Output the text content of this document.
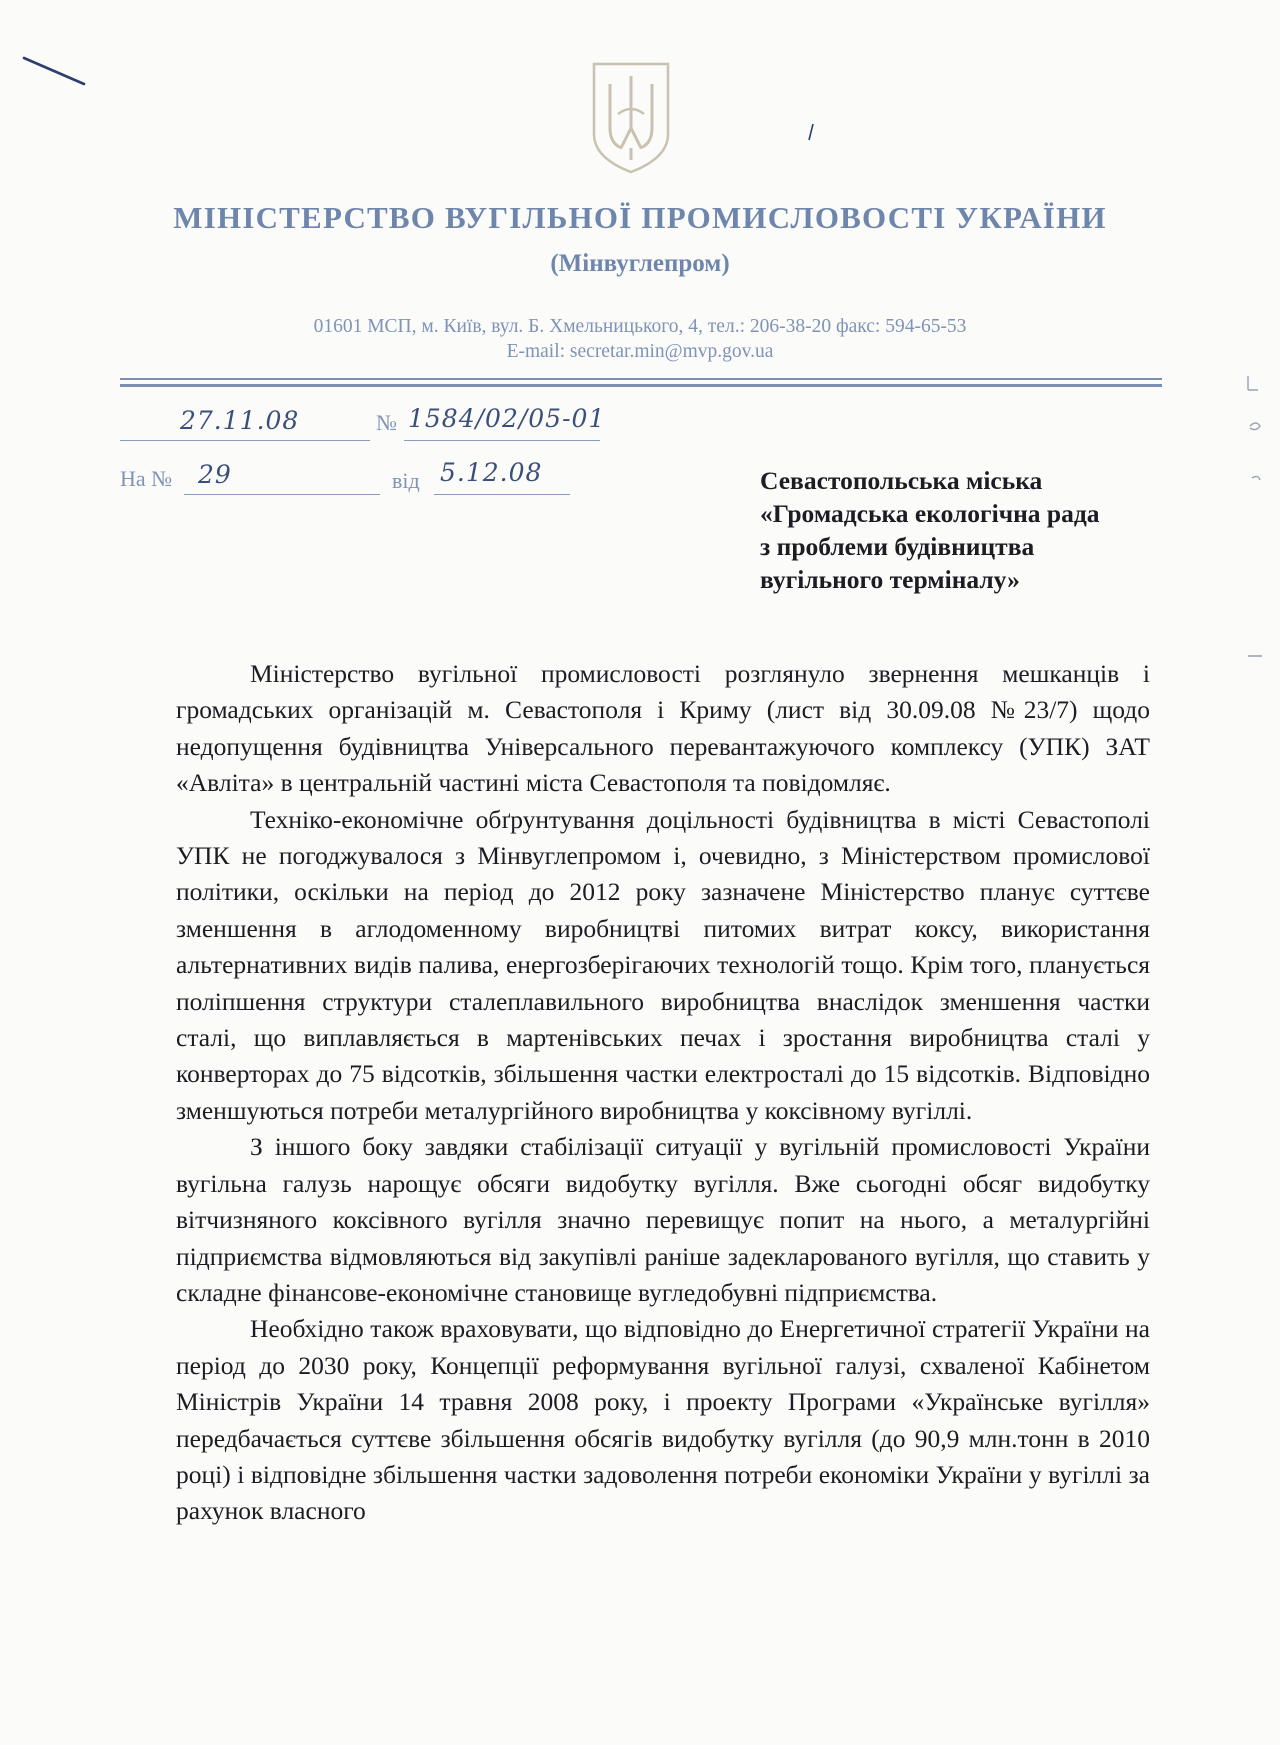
МІНІСТЕРСТВО ВУГІЛЬНОЇ ПРОМИСЛОВОСТІ УКРАЇНИ
(Мінвуглепром)
01601 МСП, м. Київ, вул. Б. Хмельницького, 4, тел.: 206-38-20 факс: 594-65-53
E-mail: secretar.min@mvp.gov.ua
27.11.08	№ 1584/02/05-01
На № 29	від 5.12.08	Севастопольська міська
«Громадська екологічна рада
з проблеми будівництва
вугільного терміналу»

Міністерство вугільної промисловості розглянуло звернення мешканців і громадських організацій м. Севастополя і Криму (лист від 30.09.08 №23/7) щодо недопущення будівництва Універсального перевантажуючого комплексу (УПК) ЗАТ «Авліта» в центральній частині міста Севастополя та повідомляє.

Техніко-економічне обґрунтування доцільності будівництва в місті Севастополі УПК не погоджувалося з Мінвуглепромом і, очевидно, з Міністерством промислової політики, оскільки на період до 2012 року зазначене Міністерство планує суттєве зменшення в аглодоменному виробництві питомих витрат коксу, використання альтернативних видів палива, енергозберігаючих технологій тощо. Крім того, планується поліпшення структури сталеплавильного виробництва внаслідок зменшення частки сталі, що виплавляється в мартенівських печах і зростання виробництва сталі у конверторах до 75 відсотків, збільшення частки електросталі до 15 відсотків. Відповідно зменшуються потреби металургійного виробництва у коксівному вугіллі.

З іншого боку завдяки стабілізації ситуації у вугільній промисловості України вугільна галузь нарощує обсяги видобутку вугілля. Вже сьогодні обсяг видобутку вітчизняного коксівного вугілля значно перевищує попит на нього, а металургійні підприємства відмовляються від закупівлі раніше задекларованого вугілля, що ставить у складне фінансове-економічне становище вугледобувні підприємства.

Необхідно також враховувати, що відповідно до Енергетичної стратегії України на період до 2030 року, Концепції реформування вугільної галузі, схваленої Кабінетом Міністрів України 14 травня 2008 року, і проекту Програми «Українське вугілля» передбачається суттєве збільшення обсягів видобутку вугілля (до 90,9 млн.тонн в 2010 році) і відповідне збільшення частки задоволення потреби економіки України у вугіллі за рахунок власного
